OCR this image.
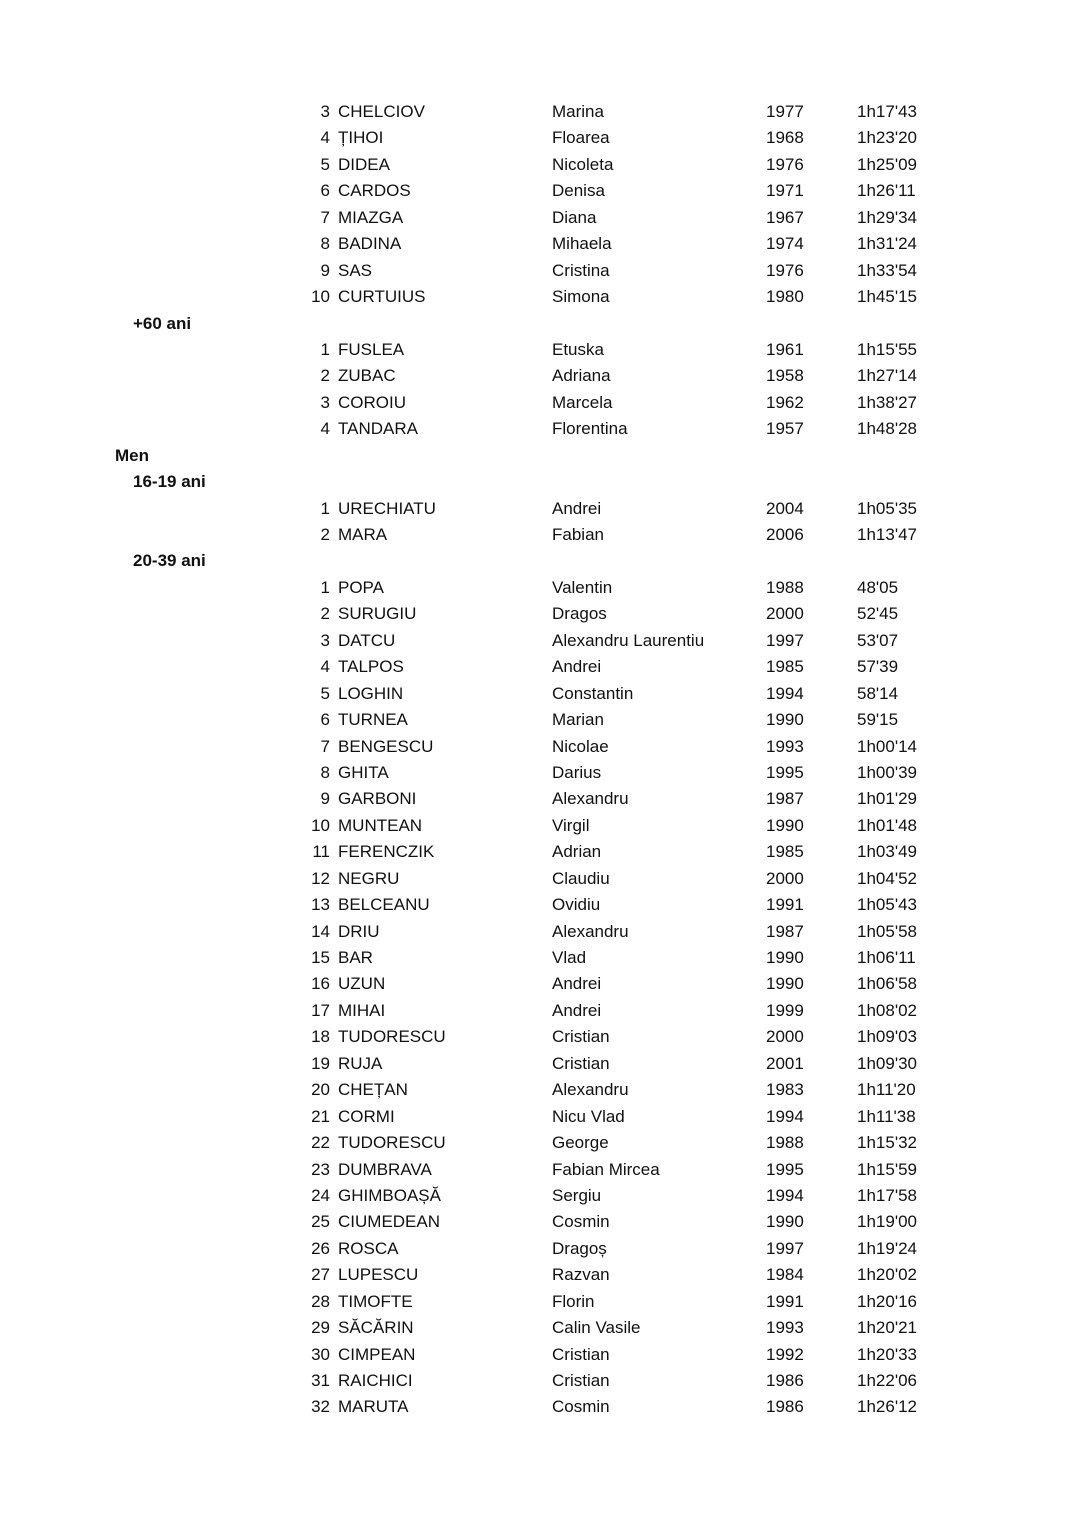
3 CHELCIOV	Marina	1977	1h17'43
4 ȚIHOI	Floarea	1968	1h23'20
5 DIDEA	Nicoleta	1976	1h25'09
6 CARDOS	Denisa	1971	1h26'11
7 MIAZGA	Diana	1967	1h29'34
8 BADINA	Mihaela	1974	1h31'24
9 SAS	Cristina	1976	1h33'54
10 CURTUIUS	Simona	1980	1h45'15
+60 ani
1 FUSLEA	Etuska	1961	1h15'55
2 ZUBAC	Adriana	1958	1h27'14
3 COROIU	Marcela	1962	1h38'27
4 TANDARA	Florentina	1957	1h48'28
Men
16-19 ani
1 URECHIATU	Andrei	2004	1h05'35
2 MARA	Fabian	2006	1h13'47
20-39 ani
1 POPA	Valentin	1988	48'05
2 SURUGIU	Dragos	2000	52'45
3 DATCU	Alexandru Laurentiu	1997	53'07
4 TALPOS	Andrei	1985	57'39
5 LOGHIN	Constantin	1994	58'14
6 TURNEA	Marian	1990	59'15
7 BENGESCU	Nicolae	1993	1h00'14
8 GHITA	Darius	1995	1h00'39
9 GARBONI	Alexandru	1987	1h01'29
10 MUNTEAN	Virgil	1990	1h01'48
11 FERENCZIK	Adrian	1985	1h03'49
12 NEGRU	Claudiu	2000	1h04'52
13 BELCEANU	Ovidiu	1991	1h05'43
14 DRIU	Alexandru	1987	1h05'58
15 BAR	Vlad	1990	1h06'11
16 UZUN	Andrei	1990	1h06'58
17 MIHAI	Andrei	1999	1h08'02
18 TUDORESCU	Cristian	2000	1h09'03
19 RUJA	Cristian	2001	1h09'30
20 CHEȚAN	Alexandru	1983	1h11'20
21 CORMI	Nicu Vlad	1994	1h11'38
22 TUDORESCU	George	1988	1h15'32
23 DUMBRAVA	Fabian Mircea	1995	1h15'59
24 GHIMBOAȘĂ	Sergiu	1994	1h17'58
25 CIUMEDEAN	Cosmin	1990	1h19'00
26 ROSCA	Dragoș	1997	1h19'24
27 LUPESCU	Razvan	1984	1h20'02
28 TIMOFTE	Florin	1991	1h20'16
29 SĂCĂRIN	Calin Vasile	1993	1h20'21
30 CIMPEAN	Cristian	1992	1h20'33
31 RAICHICI	Cristian	1986	1h22'06
32 MARUTA	Cosmin	1986	1h26'12
